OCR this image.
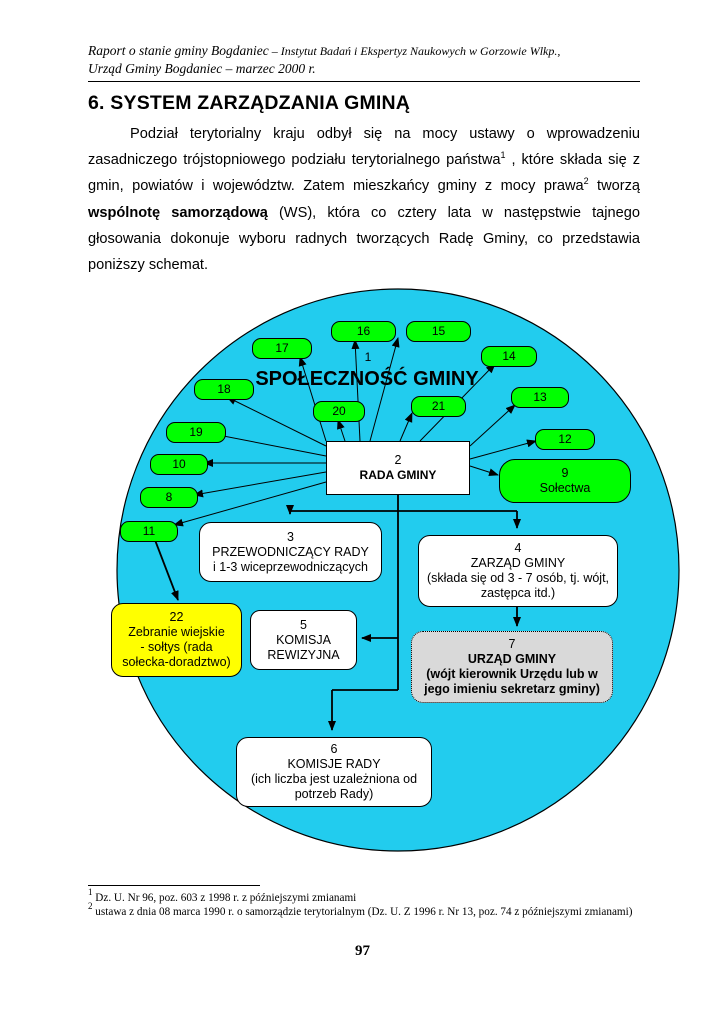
Raport o stanie gminy Bogdaniec – Instytut Badań i Ekspertyz Naukowych w Gorzowie Wlkp.,
Urząd Gminy Bogdaniec – marzec 2000 r.
6. SYSTEM ZARZĄDZANIA GMINĄ

Podział terytorialny kraju odbył się na mocy ustawy o wprowadzeniu zasadniczego trójstopniowego podziału terytorialnego państwa$^1$ , które składa się z gmin, powiatów i województw. Zatem mieszkańcy gminy z mocy prawa$^2$ tworzą wspólnotę samorządową (WS), która co cztery lata w następstwie tajnego głosowania dokonuje wyboru radnych tworzących Radę Gminy, co przedstawia poniższy schemat.

1
SPOŁECZNOŚĆ GMINY
16	15
17
14
18
13
20	21
19	12
10
8
11
2
RADA GMINY	9
Sołectwa
3
PRZEWODNICZĄCY RADY
i 1-3 wiceprzewodniczących
4
ZARZĄD GMINY
(składa się od 3 - 7 osób, tj. wójt,
zastępca itd.)
22
Zebranie wiejskie
- sołtys (rada
sołecka-doradztwo)
5
KOMISJA
REWIZYJNA
7
URZĄD GMINY
(wójt kierownik Urzędu lub w
jego imieniu sekretarz gminy)
6
KOMISJE RADY
(ich liczba jest uzależniona od
potrzeb Rady)
$^1$ Dz. U. Nr 96, poz. 603 z 1998 r. z późniejszymi zmianami
$^2$ ustawa z dnia 08 marca 1990 r. o samorządzie terytorialnym (Dz. U. Z 1996 r. Nr 13, poz. 74 z późniejszymi zmianami)
97
